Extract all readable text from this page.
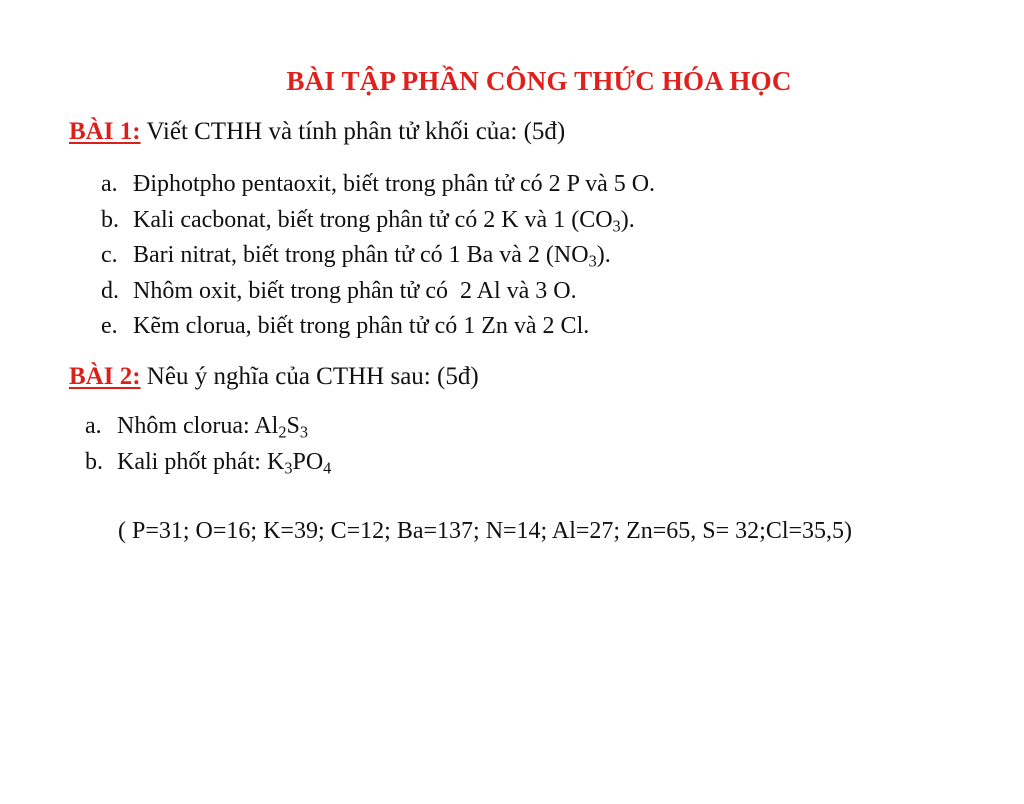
BÀI TẬP PHẦN CÔNG THỨC HÓA HỌC
BÀI 1: Viết CTHH và tính phân tử khối của: (5đ)
a. Điphotpho pentaoxit, biết trong phân tử có 2 P và 5 O.
b. Kali cacbonat, biết trong phân tử có 2 K và 1 $(CO_3)$.
c. Bari nitrat, biết trong phân tử có 1 Ba và 2 $(NO_3)$.
d. Nhôm oxit, biết trong phân tử có  2 Al và 3 O.
e. Kẽm clorua, biết trong phân tử có 1 Zn và 2 Cl.
BÀI 2: Nêu ý nghĩa của CTHH sau: (5đ)
a. Nhôm clorua: $Al_2S_3$
b. Kali phốt phát: $K_3PO_4$
( P=31; O=16; K=39; C=12; Ba=137; N=14; Al=27; Zn=65, S= 32;Cl=35,5)
